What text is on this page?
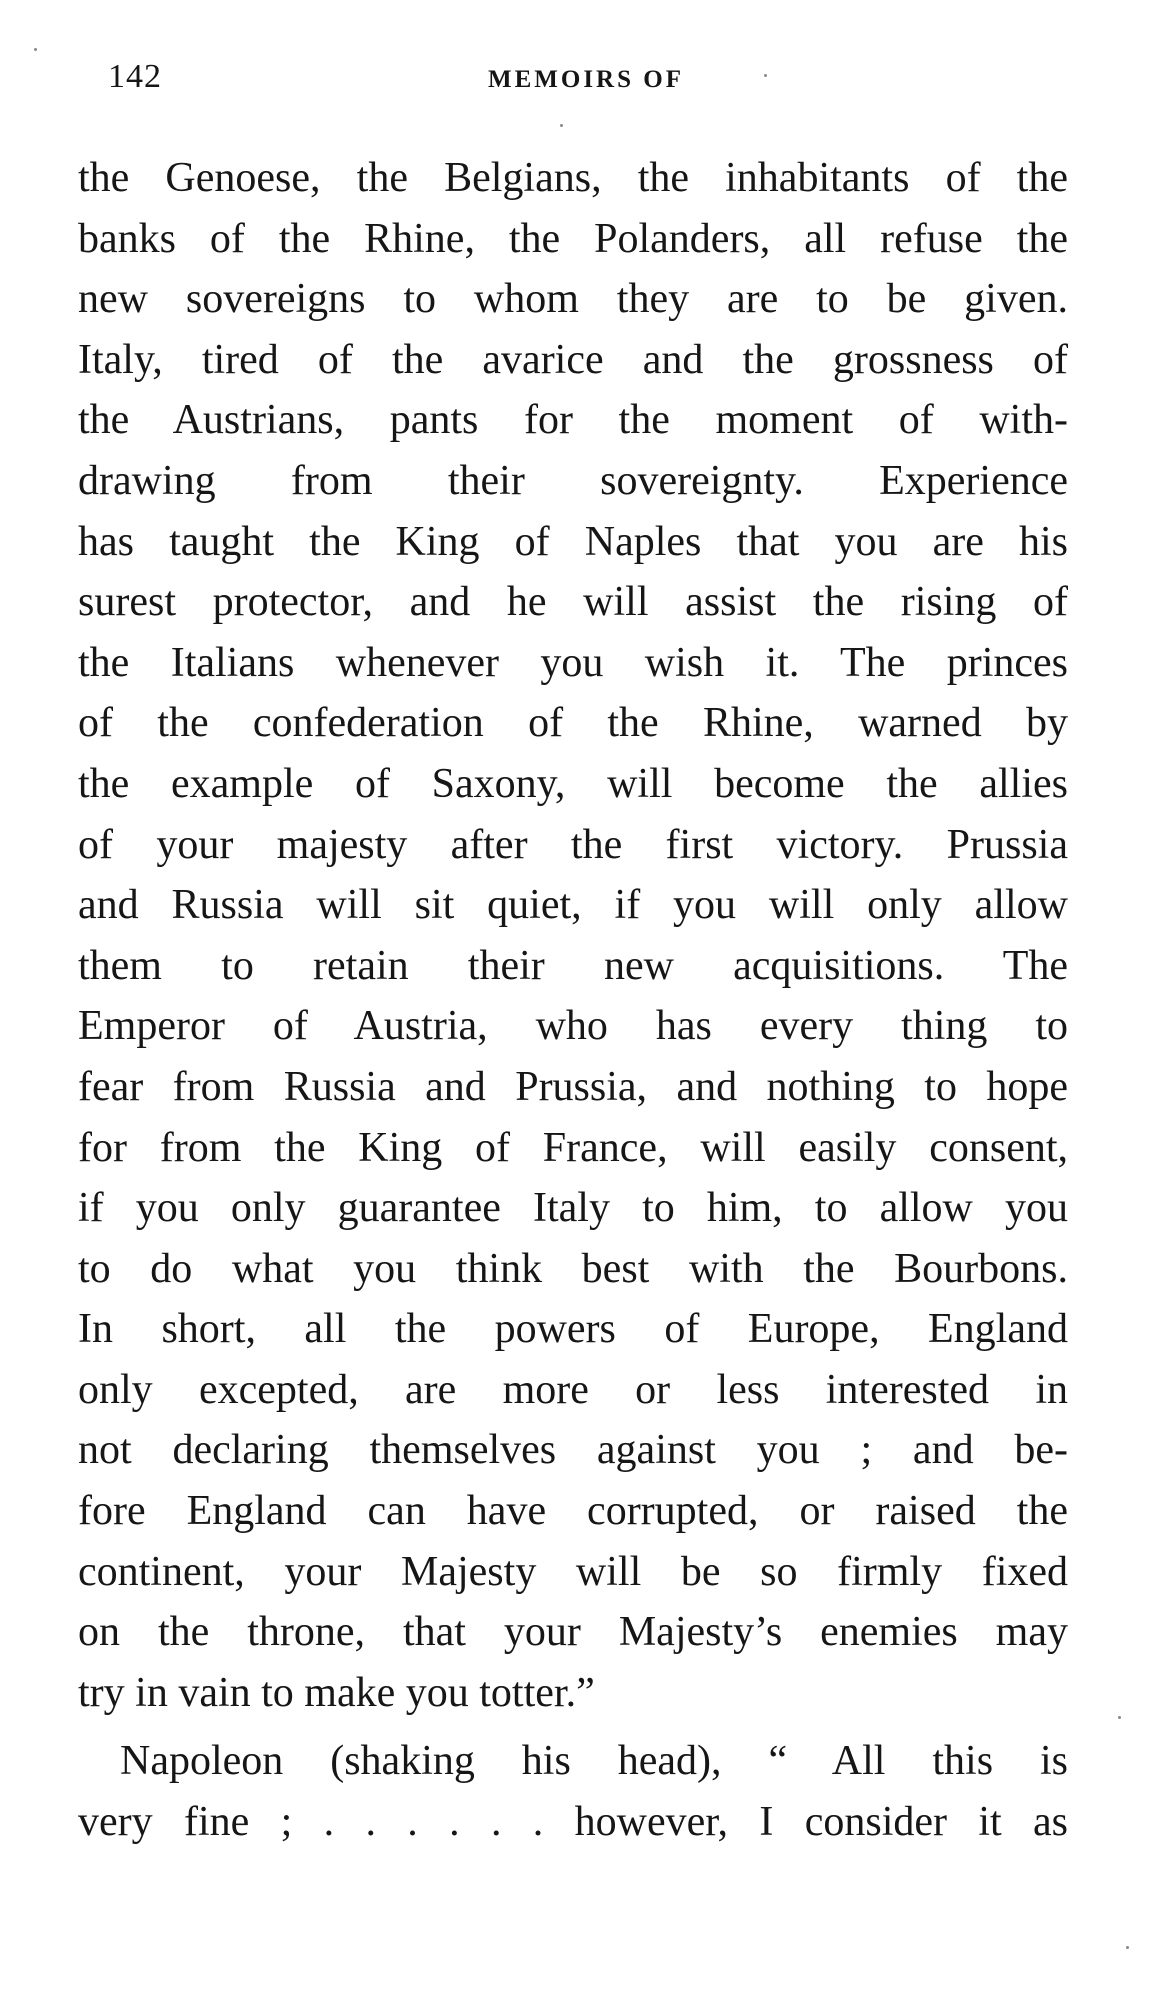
142	MEMOIRS OF
the Genoese, the Belgians, the inhabitants of the
banks of the Rhine, the Polanders, all refuse the
new sovereigns to whom they are to be given.
Italy, tired of the avarice and the grossness of
the Austrians, pants for the moment of with-
drawing from their sovereignty. Experience
has taught the King of Naples that you are his
surest protector, and he will assist the rising of
the Italians whenever you wish it. The princes
of the confederation of the Rhine, warned by
the example of Saxony, will become the allies
of your majesty after the first victory. Prussia
and Russia will sit quiet, if you will only allow
them to retain their new acquisitions. The
Emperor of Austria, who has every thing to
fear from Russia and Prussia, and nothing to hope
for from the King of France, will easily consent,
if you only guarantee Italy to him, to allow you
to do what you think best with the Bourbons.
In short, all the powers of Europe, England
only excepted, are more or less interested in
not declaring themselves against you ; and be-
fore England can have corrupted, or raised the
continent, your Majesty will be so firmly fixed
on the throne, that your Majesty’s enemies may
try in vain to make you totter.”
Napoleon (shaking his head), “ All this is
very fine ; . . . . . . however, I consider it as
